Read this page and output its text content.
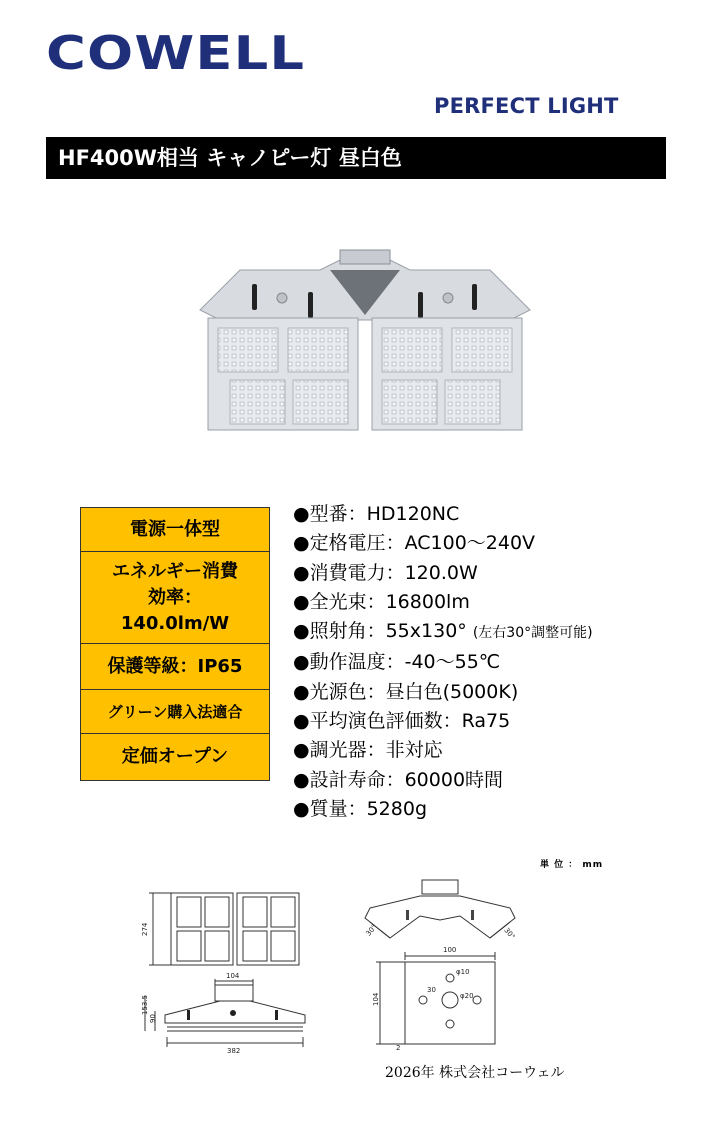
COWELL
PERFECT LIGHT
HF400W相当 キャノピー灯 昼白色
電源一体型
エネルギー消費
効率：
140.0lm/W
保護等級：IP65
グリーン購入法適合
定価オープン
●型番：HD120NC
●定格電圧：AC100～240V
●消費電力：120.0W
●全光束：16800lm
●照射角：55x130° (左右30°調整可能)
●動作温度：-40～55℃
●光源色：昼白色(5000K)
●平均演色評価数：Ra75
●調光器：非対応
●設計寿命：60000時間
●質量：5280g
単 位 ： mm
274
104
153.5
90
382
30°	30°
100
φ10
30
φ20
104
2
2026年 株式会社コーウェル
